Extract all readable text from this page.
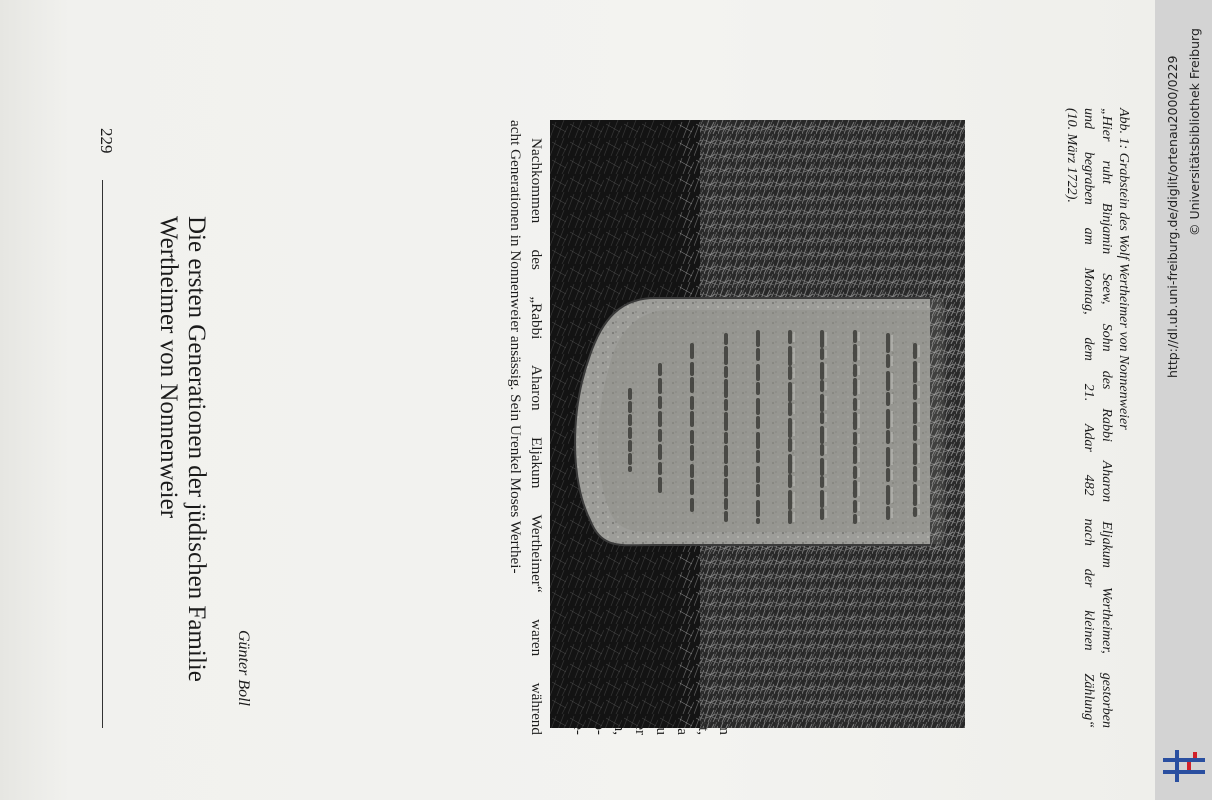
229
Die ersten Generationen der jüdischen Familie
Wertheimer von Nonnenweier
Günter Boll	Nachkommen des „Rabbi Aharon Eljakum Wertheimer“ waren während
acht Generationen in Nonnenweier ansässig. Sein Urenkel Moses Werthei-	Abb. 1: Grabstein des Wolf Wertheimer von Nonnenweier
„Hier ruht Binjamin Seew, Sohn des Rabbi Aharon Eljakum Wertheimer, gestorben
und begraben am Montag, dem 21. Adar 482 nach der kleinen Zählung“
(10. März 1722).	http://dl.ub.uni-freiburg.de/diglit/ortenau2000/0229 © Universitätsbibliothek Freiburg
